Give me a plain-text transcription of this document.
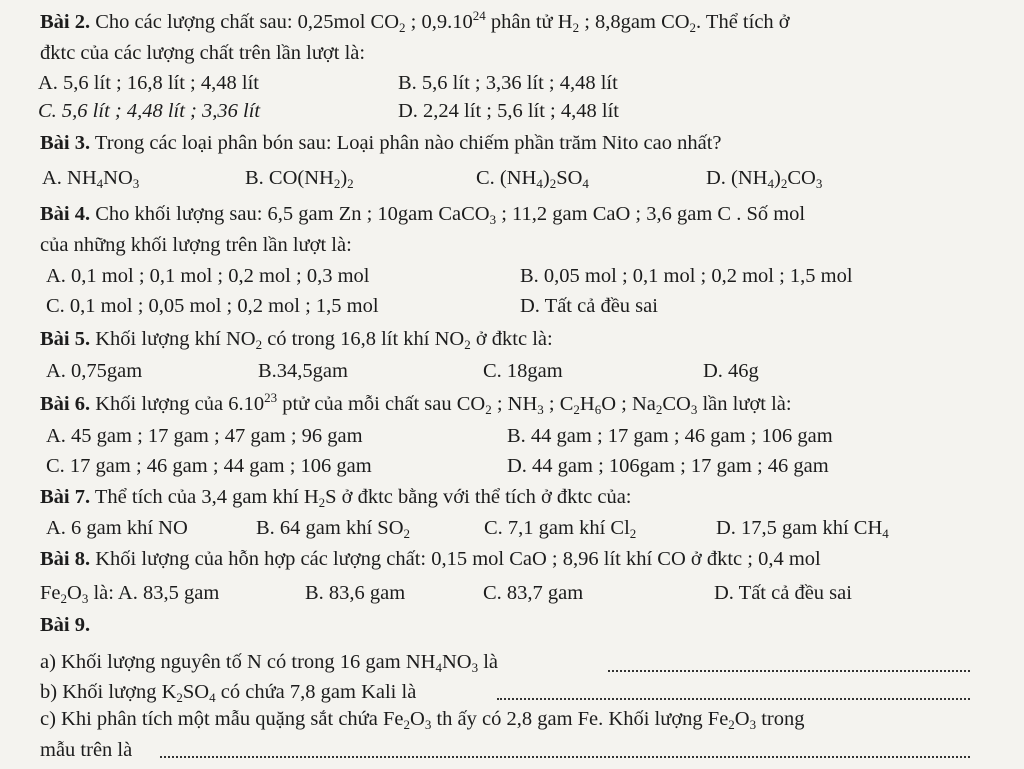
Bài 2. Cho các lượng chất sau: 0,25mol $CO_2$ ; 0,9.10$^{24}$ phân tử $H_2$ ; 8,8gam $CO_2$. Thể tích ở
đktc của các lượng chất trên lần lượt là:
A. 5,6 lít ; 16,8 lít ; 4,48 lít	B. 5,6 lít ; 3,36 lít ; 4,48 lít
C. 5,6 lít ; 4,48 lít ; 3,36 lít	D. 2,24 lít ; 5,6 lít ; 4,48 lít
Bài 3. Trong các loại phân bón sau: Loại phân nào chiếm phần trăm Nito cao nhất?
A. $NH_4NO_3$	B. $CO(NH_2)_2$	C. $(NH_4)_2SO_4$	D. $(NH_4)_2CO_3$
Bài 4. Cho khối lượng sau: 6,5 gam Zn ; 10gam CaCO$_3$ ; 11,2 gam CaO ; 3,6 gam C . Số mol
của những khối lượng trên lần lượt là:
A. 0,1 mol ; 0,1 mol ; 0,2 mol ; 0,3 mol	B. 0,05 mol ; 0,1 mol ; 0,2 mol ; 1,5 mol
C. 0,1 mol ; 0,05 mol ; 0,2 mol ; 1,5 mol	D. Tất cả đều sai
Bài 5. Khối lượng khí $NO_2$ có trong 16,8 lít khí $NO_2$ ở đktc là:
A. 0,75gam	B.34,5gam	C. 18gam	D. 46g
Bài 6. Khối lượng của 6.10$^{23}$ ptử của mỗi chất sau $CO_2$ ; $NH_3$ ; $C_2H_6O$ ; $Na_2CO_3$ lần lượt là:
A. 45 gam ; 17 gam ; 47 gam ; 96 gam	B. 44 gam ; 17 gam ; 46 gam ; 106 gam
C. 17 gam ; 46 gam ; 44 gam ; 106 gam	D. 44 gam ; 106gam ; 17 gam ; 46 gam
Bài 7. Thể tích của 3,4 gam khí $H_2S$ ở đktc bằng với thể tích ở đktc của:
A. 6 gam khí NO	B. 64 gam khí $SO_2$	C. 7,1 gam khí $Cl_2$	D. 17,5 gam khí $CH_4$
Bài 8. Khối lượng của hỗn hợp các lượng chất: 0,15 mol CaO ; 8,96 lít khí CO ở đktc ; 0,4 mol
$Fe_2O_3$ là: A. 83,5 gam	B. 83,6 gam	C. 83,7 gam	D. Tất cả đều sai
Bài 9.
a) Khối lượng nguyên tố N có trong 16 gam $NH_4NO_3$ là
b) Khối lượng $K_2SO_4$ có chứa 7,8 gam Kali là
c) Khi phân tích một mẫu quặng sắt chứa $Fe_2O_3$ th ấy có 2,8 gam Fe. Khối lượng $Fe_2O_3$ trong
mẫu trên là
